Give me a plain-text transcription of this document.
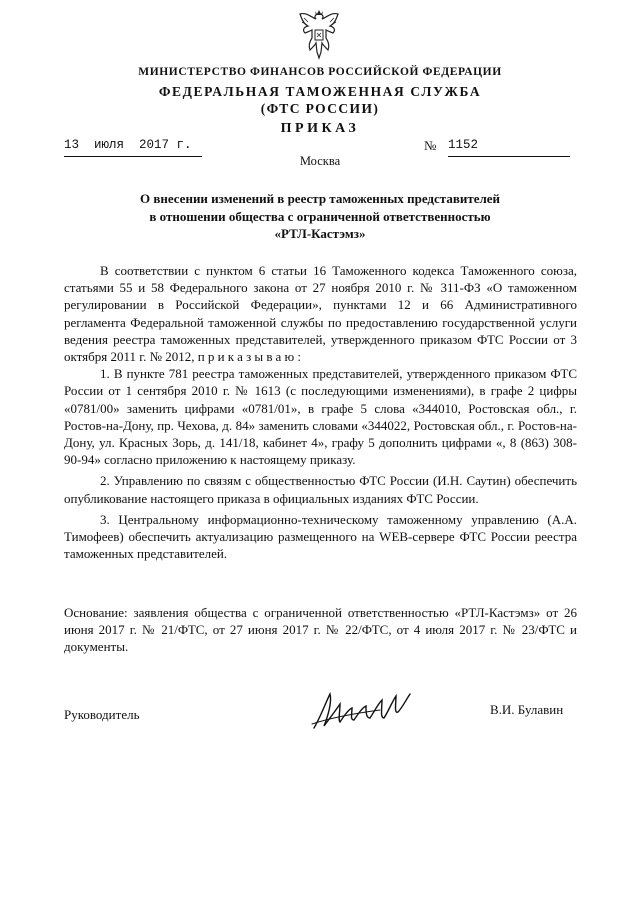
МИНИСТЕРСТВО ФИНАНСОВ РОССИЙСКОЙ ФЕДЕРАЦИИ
ФЕДЕРАЛЬНАЯ ТАМОЖЕННАЯ СЛУЖБА
(ФТС РОССИИ)
ПРИКАЗ
13  июля  2017 г.	№ 1152
Москва
О внесении изменений в реестр таможенных представителей
в отношении общества с ограниченной ответственностью
«РТЛ-Кастэмз»

В соответствии с пунктом 6 статьи 16 Таможенного кодекса Таможенного союза, статьями 55 и 58 Федерального закона от 27 ноября 2010 г. № 311-ФЗ «О таможенном регулировании в Российской Федерации», пунктами 12 и 66 Административного регламента Федеральной таможенной службы по предоставлению государственной услуги ведения реестра таможенных представителей, утвержденного приказом ФТС России от 3 октября 2011 г. № 2012, приказываю:

1. В пункте 781 реестра таможенных представителей, утвержденного приказом ФТС России от 1 сентября 2010 г. № 1613 (с последующими изменениями), в графе 2 цифры «0781/00» заменить цифрами «0781/01», в графе 5 слова «344010, Ростовская обл., г. Ростов-на-Дону, пр. Чехова, д. 84» заменить словами «344022, Ростовская обл., г. Ростов-на-Дону, ул. Красных Зорь, д. 141/18, кабинет 4», графу 5 дополнить цифрами «, 8 (863) 308-90-94» согласно приложению к настоящему приказу.

2. Управлению по связям с общественностью ФТС России (И.Н. Саутин) обеспечить опубликование настоящего приказа в официальных изданиях ФТС России.

3. Центральному информационно-техническому таможенному управлению (А.А. Тимофеев) обеспечить актуализацию размещенного на WEB-сервере ФТС России реестра таможенных представителей.

Основание: заявления общества с ограниченной ответственностью «РТЛ-Кастэмз» от 26 июня 2017 г. № 21/ФТС, от 27 июня 2017 г. № 22/ФТС, от 4 июля 2017 г. № 23/ФТС и документы.
Руководитель	В.И. Булавин
